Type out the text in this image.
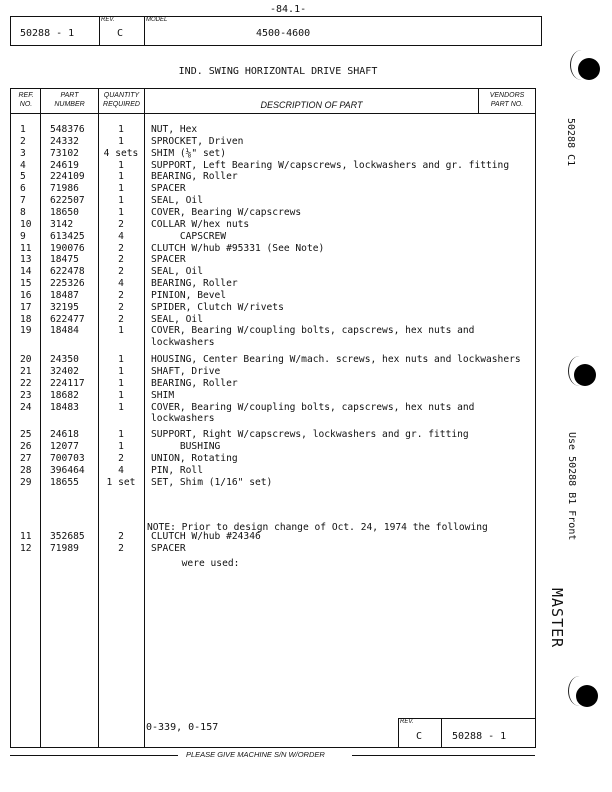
-84.1-
50288 - 1
REV.
C
MODEL
4500-4600
IND. SWING HORIZONTAL DRIVE SHAFT
REF.
NO.
PART
NUMBER
QUANTITY
REQUIRED	DESCRIPTION OF PART
VENDORS
PART NO.
1	548376	1	NUT, Hex
2	24332	1	SPROCKET, Driven
3	73102	4 sets	SHIM (⅛" set)
4	24619	1	SUPPORT, Left Bearing W/capscrews, lockwashers and gr. fitting
5	224109	1	BEARING, Roller
6	71986	1	SPACER
7	622507	1	SEAL, Oil
8	18650	1	COVER, Bearing W/capscrews
10	3142	2	COLLAR W/hex nuts
9	613425	4	CAPSCREW
11	190076	2	CLUTCH W/hub #95331 (See Note)
13	18475	2	SPACER
14	622478	2	SEAL, Oil
15	225326	4	BEARING, Roller
16	18487	2	PINION, Bevel
17	32195	2	SPIDER, Clutch W/rivets
18	622477	2	SEAL, Oil
19	18484	1	COVER, Bearing W/coupling bolts, capscrews, hex nuts and
lockwashers
20	24350	1	HOUSING, Center Bearing W/mach. screws, hex nuts and lockwashers
21	32402	1	SHAFT, Drive
22	224117	1	BEARING, Roller
23	18682	1	SHIM
24	18483	1	COVER, Bearing W/coupling bolts, capscrews, hex nuts and
lockwashers
25	24618	1	SUPPORT, Right W/capscrews, lockwashers and gr. fitting
26	12077	1	BUSHING
27	700703	2	UNION, Rotating
28	396464	4	PIN, Roll
29	18655	1 set	SET, Shim (1/16" set)

NOTE: Prior to design change of Oct. 24, 1974 the following

were used:

11	352685	2	CLUTCH W/hub #24346
12	71989	2	SPACER
0-339, 0-157	REV.
C	50288 - 1
PLEASE GIVE MACHINE S/N W/ORDER
50288 C1
Use 50288 B1 Front
MASTER
